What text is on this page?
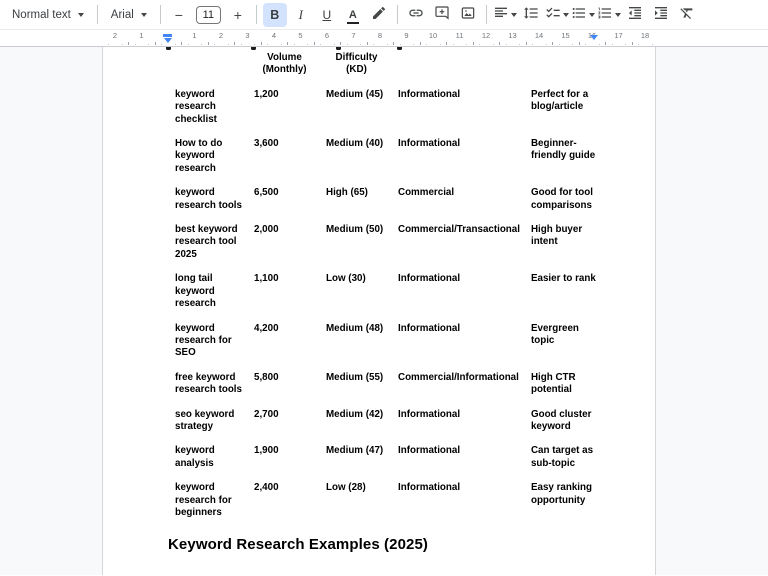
Normal text	Arial	−	11	+	B I U A
2	1	1	2	3	4	5	6	7	8	9	10 11 12 13 14 15 16 17 18
	Volume (Monthly)	Difficulty (KD)		
keyword research checklist	1,200	Medium (45)	Informational	Perfect for a blog/article
How to do keyword research	3,600	Medium (40)	Informational	Beginner-friendly guide
keyword research tools	6,500	High (65)	Commercial	Good for tool comparisons
best keyword research tool 2025	2,000	Medium (50)	Commercial/Transactional	High buyer intent
long tail keyword research	1,100	Low (30)	Informational	Easier to rank
keyword research for SEO	4,200	Medium (48)	Informational	Evergreen topic
free keyword research tools	5,800	Medium (55)	Commercial/Informational	High CTR potential
seo keyword strategy	2,700	Medium (42)	Informational	Good cluster keyword
keyword analysis	1,900	Medium (47)	Informational	Can target as sub-topic
keyword research for beginners	2,400	Low (28)	Informational	Easy ranking opportunity
Keyword Research Examples (2025)
